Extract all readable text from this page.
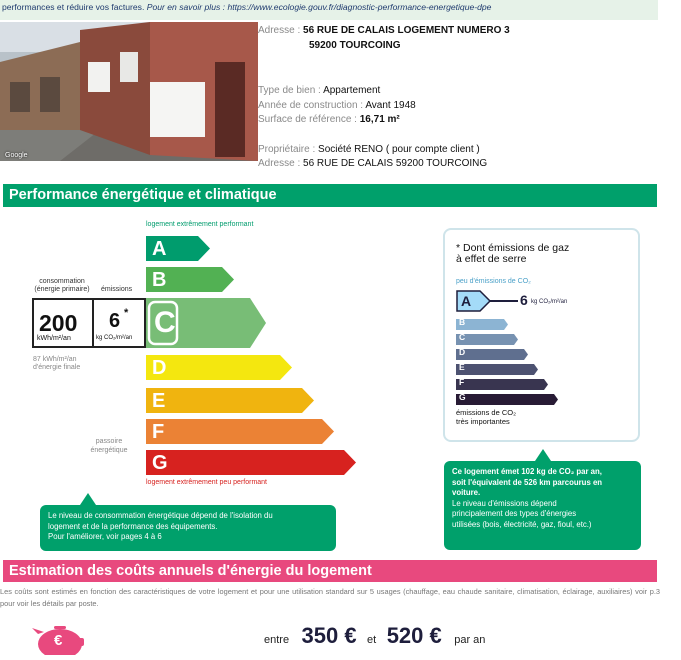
performances et réduire vos factures. Pour en savoir plus : https://www.ecologie.gouv.fr/diagnostic-performance-energetique-dpe
Google
Adresse : 56 RUE DE CALAIS LOGEMENT NUMERO 3
59200 TOURCOING
Type de bien : Appartement
Année de construction : Avant 1948
Surface de référence : 16,71 m²
Propriétaire : Société RENO ( pour compte client )
Adresse : 56 RUE DE CALAIS 59200 TOURCOING
Performance énergétique et climatique
logement extrêmement performant
A
B
C
D
E
F
G
logement extrêmement peu performant
passoire
énergétique
consommation
(énergie primaire)	émissions
200
kWh/m²/an
6 *
kg CO₂/m²/an
87 kWh/m²/an
d'énergie finale
Le niveau de consommation énergétique dépend de l'isolation du
logement et de la performance des équipements.
Pour l'améliorer, voir pages 4 à 6
* Dont émissions de gaz
à effet de serre
peu d'émissions de CO₂
A	6 kg CO₂/m²/an
B
C
D
E
F
G
émissions de CO₂
très importantes
Ce logement émet 102 kg de CO₂ par an,
soit l'équivalent de 526 km parcourus en
voiture.
Le niveau d'émissions dépend
principalement des types d'énergies
utilisées (bois, électricité, gaz, fioul, etc.)
Estimation des coûts annuels d'énergie du logement
Les coûts sont estimés en fonction des caractéristiques de votre logement et pour une utilisation standard sur 5 usages (chauffage, eau chaude sanitaire, climatisation, éclairage, auxiliaires) voir p.3 pour voir les détails par poste.
€	entre 350 € et 520 € par an
